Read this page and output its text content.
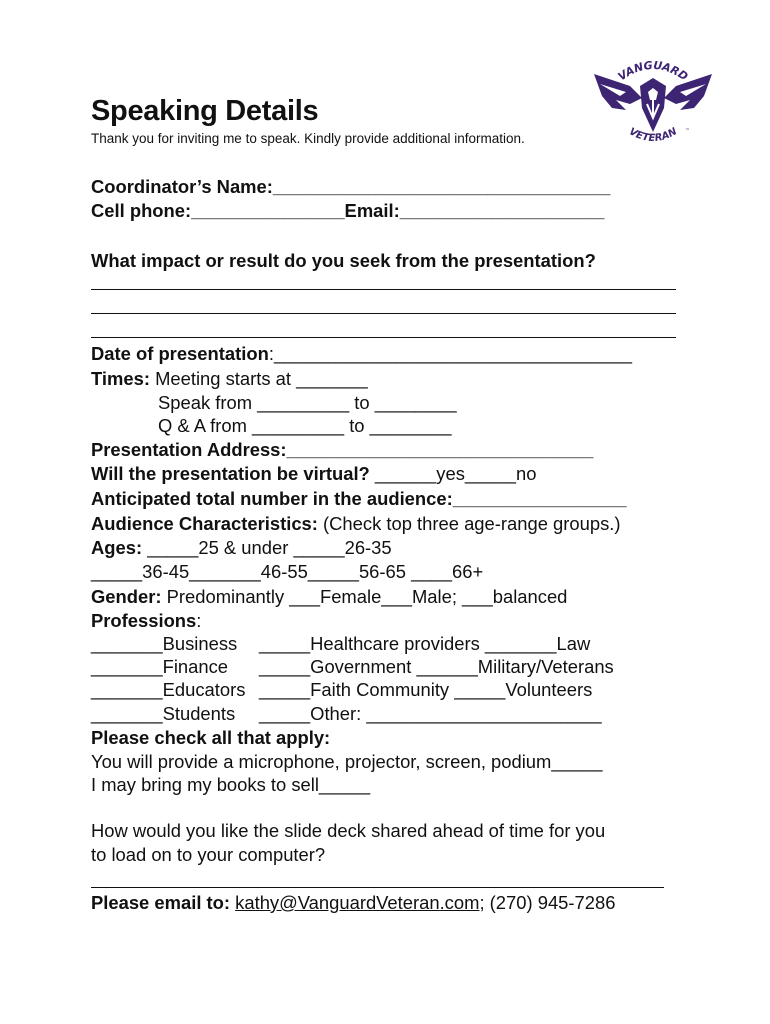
VANGUARD
VETERAN ™
Speaking Details
Thank you for inviting me to speak. Kindly provide additional information.
Coordinator’s Name:_________________________________
Cell phone:_______________Email:____________________
What impact or result do you seek from the presentation?
Date of presentation:___________________________________
Times: Meeting starts at _______
Speak from _________ to ________
Q & A from _________ to ________
Presentation Address:______________________________
Will the presentation be virtual? ______yes_____no
Anticipated total number in the audience:_________________
Audience Characteristics: (Check top three age-range groups.)
Ages: _____25 & under _____26-35
_____36-45_______46-55_____56-65 ____66+
Gender: Predominantly ___Female___Male; ___balanced
Professions:
_______Business _____Healthcare providers _______Law
_______Finance _____Government ______Military/Veterans
_______Educators _____Faith Community _____Volunteers
_______Students _____Other: _______________________
Please check all that apply:
You will provide a microphone, projector, screen, podium_____
I may bring my books to sell_____
How would you like the slide deck shared ahead of time for you
to load on to your computer?
Please email to: kathy@VanguardVeteran.com; (270) 945-7286
